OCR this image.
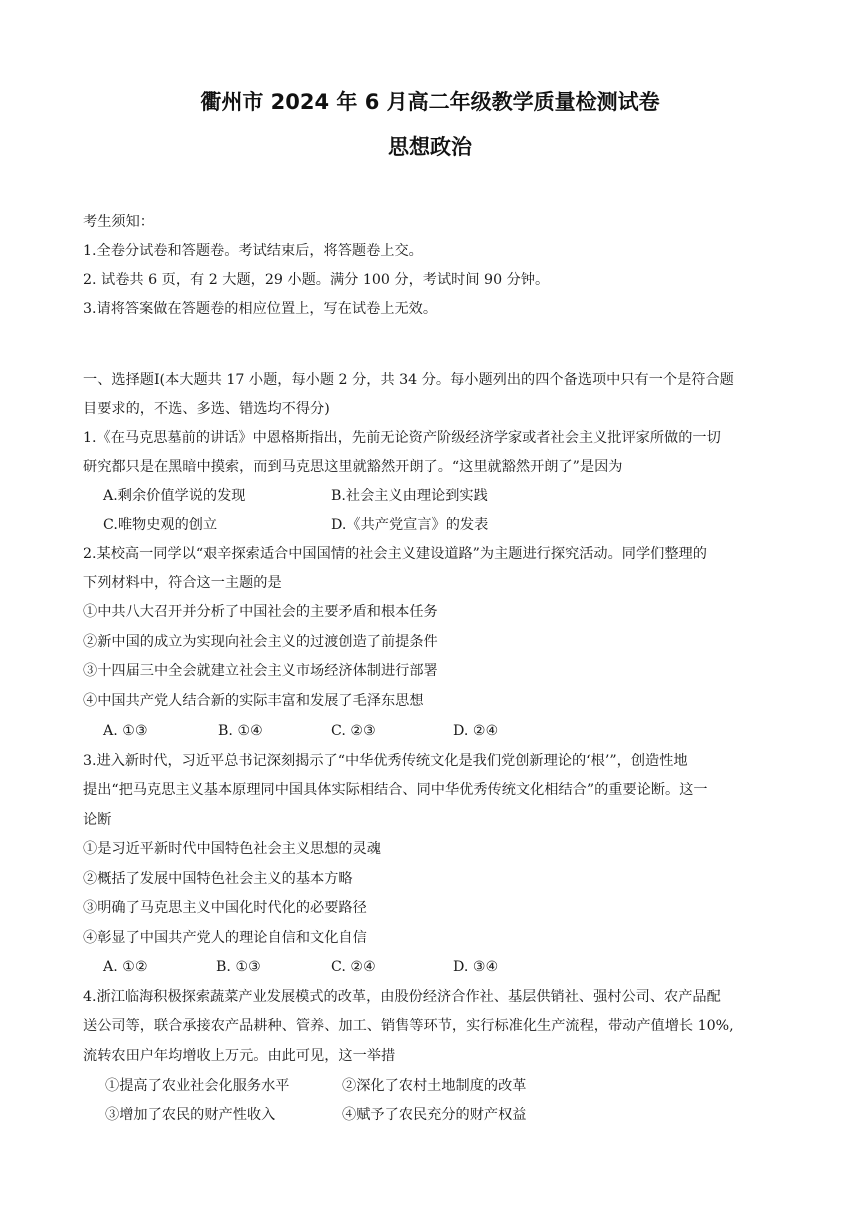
衢州市 2024 年 6 月高二年级教学质量检测试卷
思想政治
考生须知：
1.全卷分试卷和答题卷。考试结束后，将答题卷上交。
2. 试卷共 6 页，有 2 大题，29 小题。满分 100 分，考试时间 90 分钟。
3.请将答案做在答题卷的相应位置上，写在试卷上无效。
一、选择题Ⅰ(本大题共 17 小题，每小题 2 分，共 34 分。每小题列出的四个备选项中只有一个是符合题
目要求的，不选、多选、错选均不得分)
1.《在马克思墓前的讲话》中恩格斯指出，先前无论资产阶级经济学家或者社会主义批评家所做的一切
研究都只是在黑暗中摸索，而到马克思这里就豁然开朗了。“这里就豁然开朗了”是因为
A.剩余价值学说的发现	B.社会主义由理论到实践
C.唯物史观的创立	D.《共产党宣言》的发表
2.某校高一同学以“艰辛探索适合中国国情的社会主义建设道路”为主题进行探究活动。同学们整理的
下列材料中，符合这一主题的是
①中共八大召开并分析了中国社会的主要矛盾和根本任务
②新中国的成立为实现向社会主义的过渡创造了前提条件
③十四届三中全会就建立社会主义市场经济体制进行部署
④中国共产党人结合新的实际丰富和发展了毛泽东思想
A. ①③	B. ①④	C. ②③	D. ②④
3.进入新时代，习近平总书记深刻揭示了“中华优秀传统文化是我们党创新理论的‘根’”，创造性地
提出“把马克思主义基本原理同中国具体实际相结合、同中华优秀传统文化相结合”的重要论断。这一
论断
①是习近平新时代中国特色社会主义思想的灵魂
②概括了发展中国特色社会主义的基本方略
③明确了马克思主义中国化时代化的必要路径
④彰显了中国共产党人的理论自信和文化自信
A. ①②	B. ①③	C. ②④	D. ③④
4.浙江临海积极探索蔬菜产业发展模式的改革，由股份经济合作社、基层供销社、强村公司、农产品配
送公司等，联合承接农产品耕种、管养、加工、销售等环节，实行标准化生产流程，带动产值增长 10%,
流转农田户年均增收上万元。由此可见，这一举措
①提高了农业社会化服务水平	②深化了农村土地制度的改革
③增加了农民的财产性收入	④赋予了农民充分的财产权益
